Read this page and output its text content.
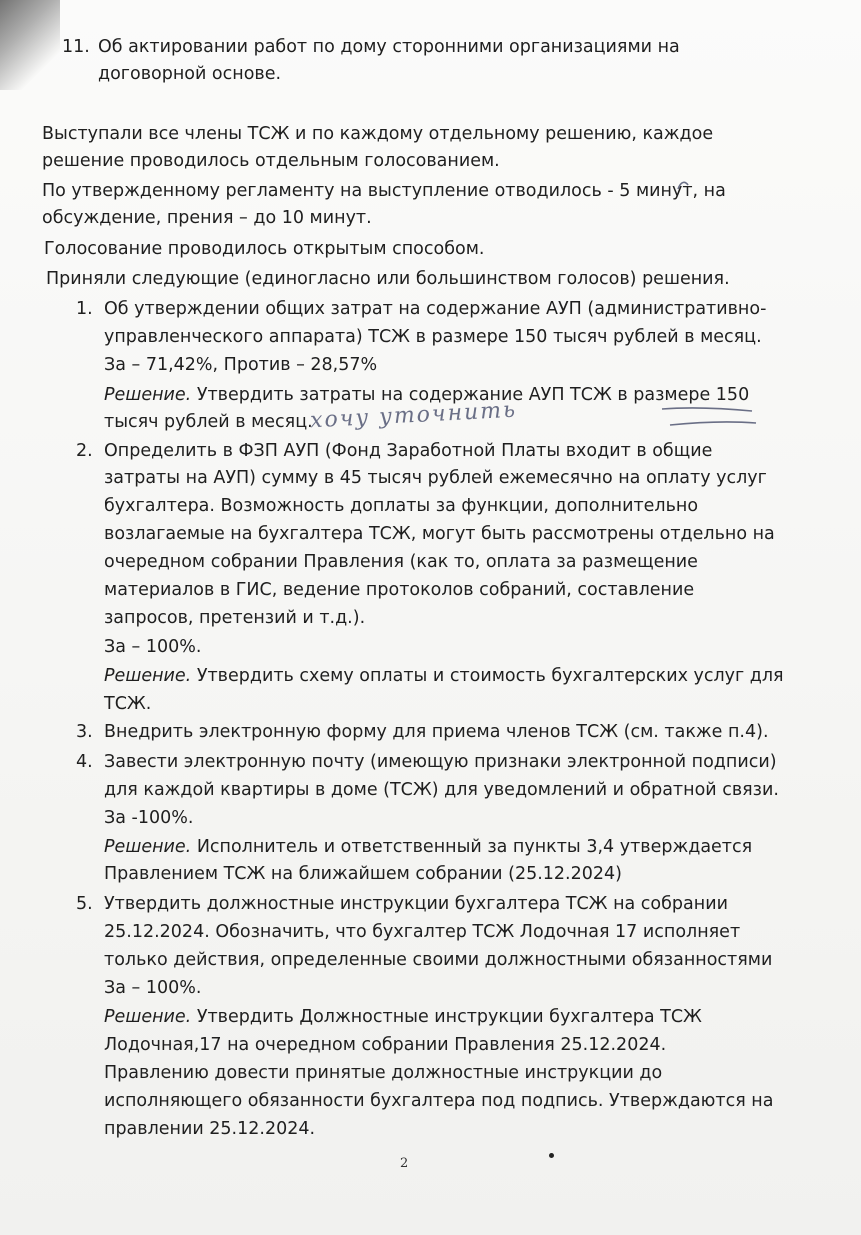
11. Об актировании работ по дому сторонними организациями на
договорной основе.
Выступали все члены ТСЖ и по каждому отдельному решению, каждое
решение проводилось отдельным голосованием.
По утвержденному регламенту на выступление отводилось - 5 минут, на
обсуждение, прения – до 10 минут.
Голосование проводилось открытым способом.
Приняли следующие (единогласно или большинством голосов) решения.
1. Об утверждении общих затрат на содержание АУП (административно-
управленческого аппарата) ТСЖ в размере 150 тысяч рублей в месяц.
За – 71,42%, Против – 28,57%
Решение. Утвердить затраты на содержание АУП ТСЖ в размере 150
тысяч рублей в месяц.
хочу уточнить
2. Определить в ФЗП АУП (Фонд Заработной Платы входит в общие
затраты на АУП) сумму в 45 тысяч рублей ежемесячно на оплату услуг
бухгалтера. Возможность доплаты за функции, дополнительно
возлагаемые на бухгалтера ТСЖ, могут быть рассмотрены отдельно на
очередном собрании Правления (как то, оплата за размещение
материалов в ГИС, ведение протоколов собраний, составление
запросов, претензий и т.д.).
За – 100%.
Решение. Утвердить схему оплаты и стоимость бухгалтерских услуг для
ТСЖ.
3. Внедрить электронную форму для приема членов ТСЖ (см. также п.4).
4. Завести электронную почту (имеющую признаки электронной подписи)
для каждой квартиры в доме (ТСЖ) для уведомлений и обратной связи.
За -100%.
Решение. Исполнитель и ответственный за пункты 3,4 утверждается
Правлением ТСЖ на ближайшем собрании (25.12.2024)
5. Утвердить должностные инструкции бухгалтера ТСЖ на собрании
25.12.2024. Обозначить, что бухгалтер ТСЖ Лодочная 17 исполняет
только действия, определенные своими должностными обязанностями
За – 100%.
Решение. Утвердить Должностные инструкции бухгалтера ТСЖ
Лодочная,17 на очередном собрании Правления 25.12.2024.
Правлению довести принятые должностные инструкции до
исполняющего обязанности бухгалтера под подпись. Утверждаются на
правлении 25.12.2024.
2
